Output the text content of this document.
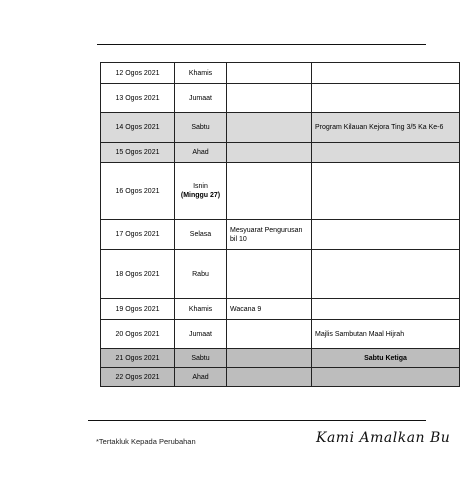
12 Ogos 2021	Khamis		
13 Ogos 2021	Jumaat		
14 Ogos 2021	Sabtu		Program Kilauan Kejora Ting 3/5 Ka Ke-6
15 Ogos 2021	Ahad		
16 Ogos 2021	Isnin
(Minggu 27)		
17 Ogos 2021	Selasa	Mesyuarat Pengurusan bil 10	
18 Ogos 2021	Rabu		
19 Ogos 2021	Khamis	Wacana 9	
20 Ogos 2021	Jumaat		Majlis Sambutan Maal Hijrah
21 Ogos 2021	Sabtu		Sabtu Ketiga
22 Ogos 2021	Ahad		
*Tertakluk Kepada Perubahan	Kami Amalkan Bu
